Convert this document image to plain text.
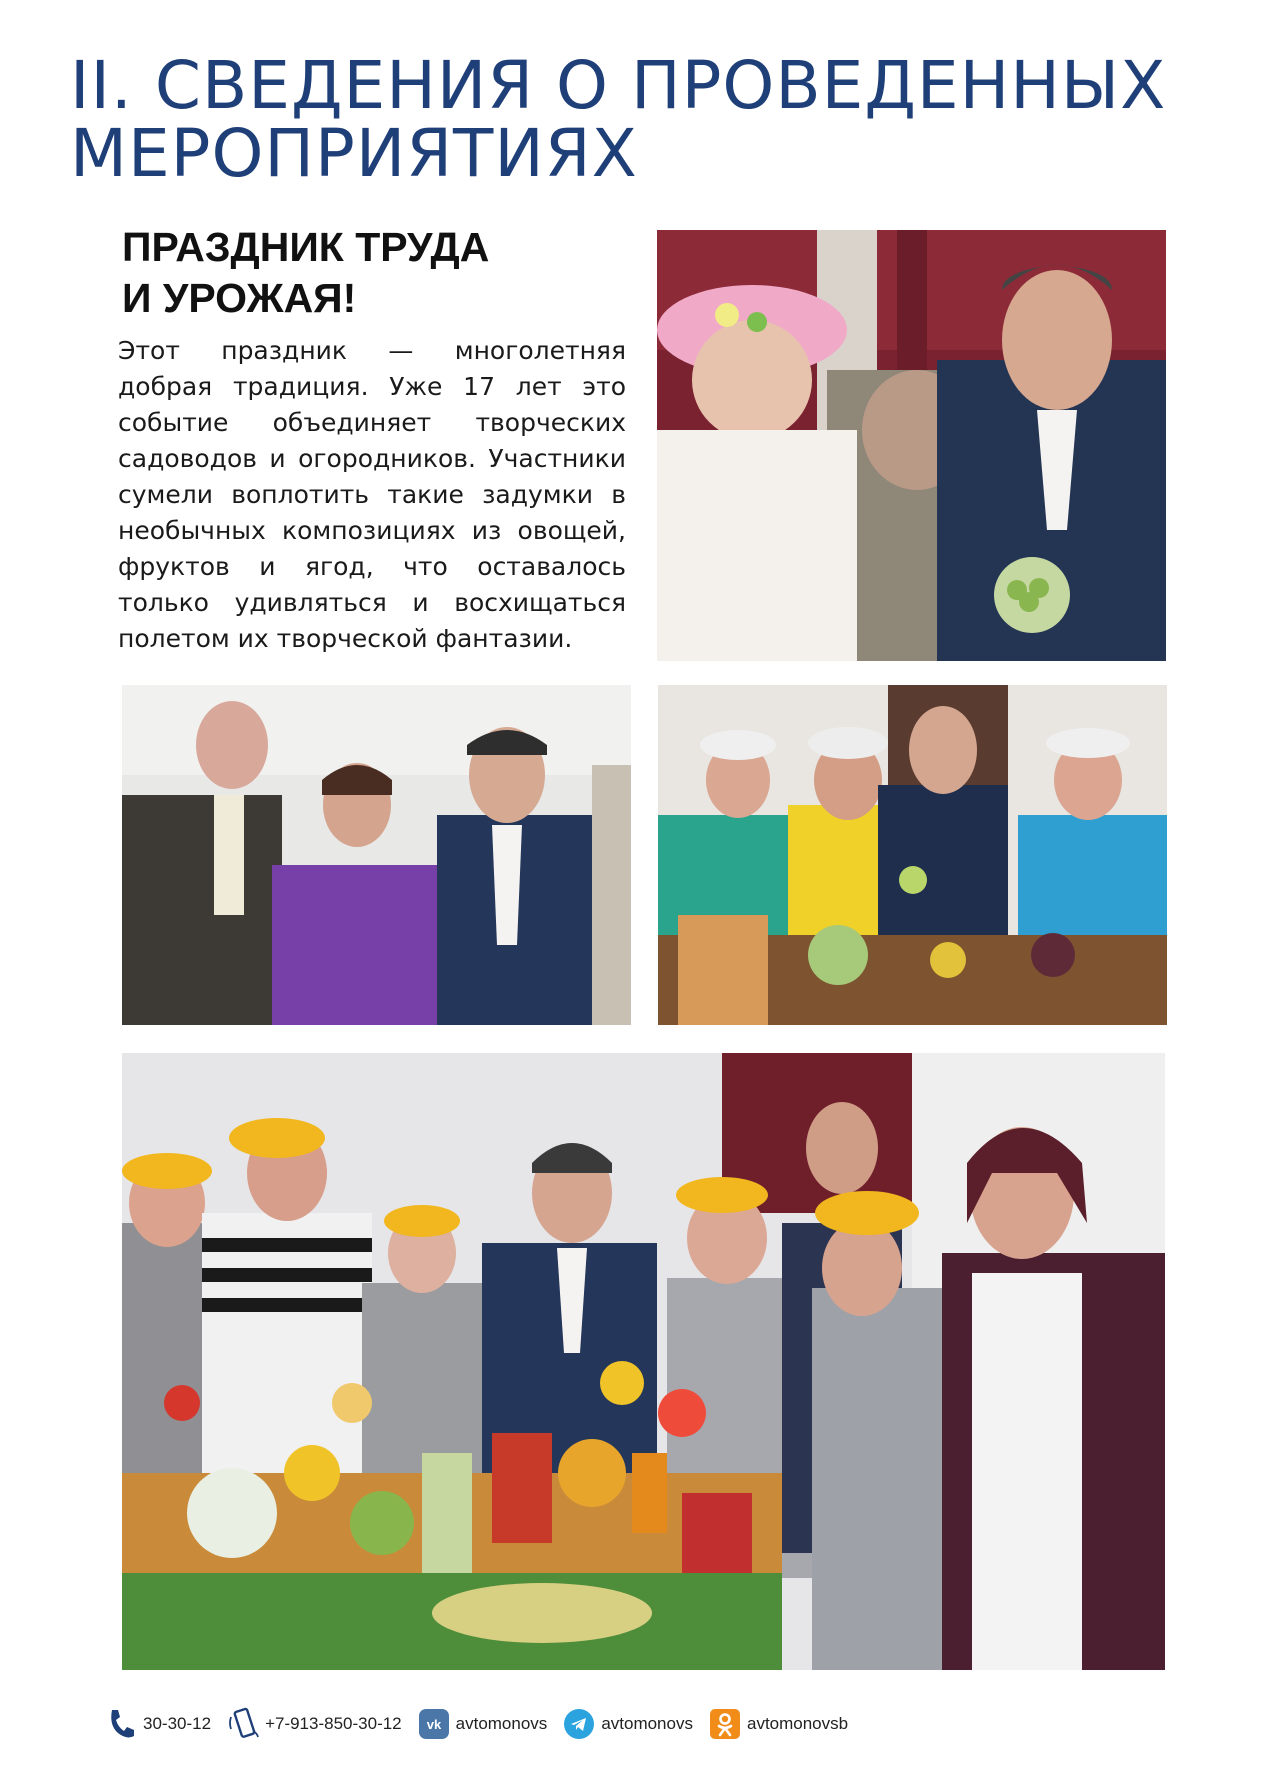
II. СВЕДЕНИЯ О ПРОВЕДЕННЫХ МЕРОПРИЯТИЯХ
ПРАЗДНИК ТРУДА
И УРОЖАЯ!

Этот праздник — многолетняя добрая традиция. Уже 17 лет это событие объединяет творческих садоводов и огородников. Участники сумели воплотить такие задумки в необычных композициях из овощей, фруктов и ягод, что оставалось только удивляться и восхищаться полетом их творческой фантазии.

30-30-12	+7-913-850-30-12 vk avtomonovs	avtomonovs	avtomonovsb
